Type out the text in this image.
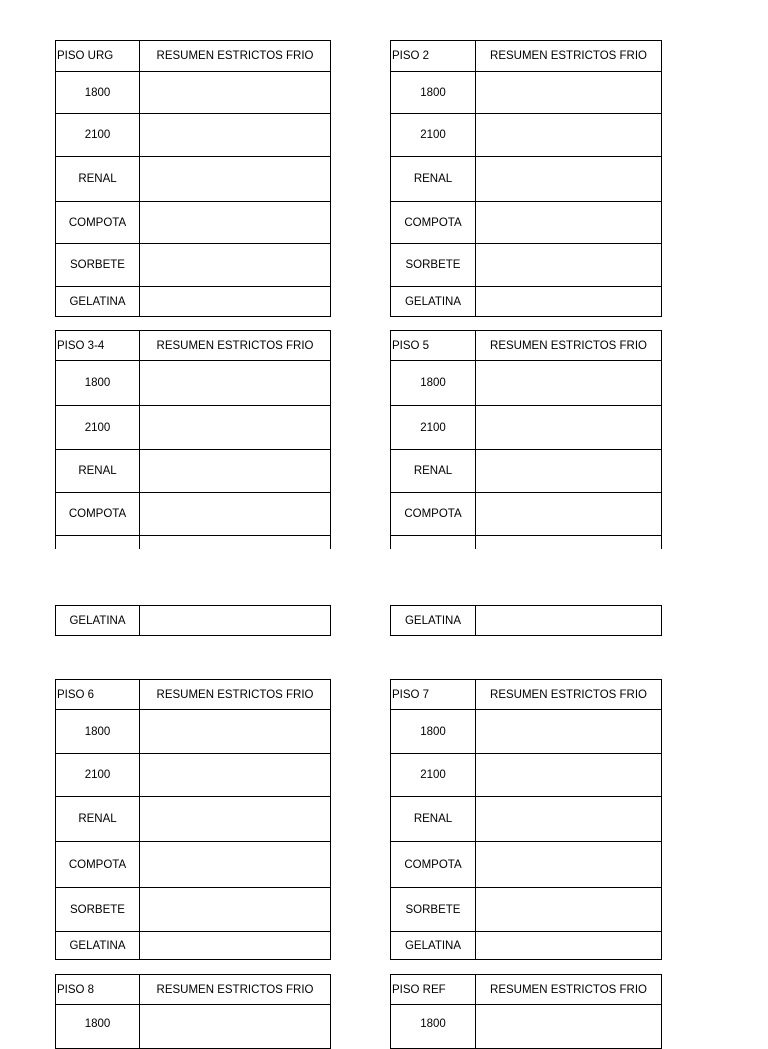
PISO URG	RESUMEN ESTRICTOS FRIO
1800	
2100	
RENAL	
COMPOTA	
SORBETE	
GELATINA	
PISO 2	RESUMEN ESTRICTOS FRIO
1800	
2100	
RENAL	
COMPOTA	
SORBETE	
GELATINA	
PISO 3-4	RESUMEN ESTRICTOS FRIO
1800	
2100	
RENAL	
COMPOTA	

GELATINA	
PISO 5	RESUMEN ESTRICTOS FRIO
1800	
2100	
RENAL	
COMPOTA	

GELATINA	
PISO 6	RESUMEN ESTRICTOS FRIO
1800	
2100	
RENAL	
COMPOTA	
SORBETE	
GELATINA	
PISO 7	RESUMEN ESTRICTOS FRIO
1800	
2100	
RENAL	
COMPOTA	
SORBETE	
GELATINA	
PISO 8	RESUMEN ESTRICTOS FRIO
1800	
PISO REF	RESUMEN ESTRICTOS FRIO
1800	
